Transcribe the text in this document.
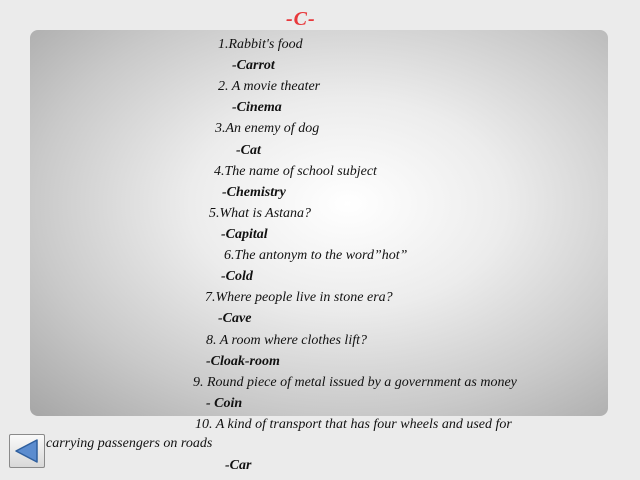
-C-
1.Rabbit's food
-Carrot
2. A movie theater
-Cinema
3.An enemy of dog
-Cat
4.The name of school subject
-Chemistry
5.What is Astana?
-Capital
6.The antonym to the word”hot”
-Cold
7.Where people live in stone era?
-Cave
8. A room where clothes lift?
-Cloak-room
9. Round piece of metal issued by a government as money
- Coin
10. A kind of transport that has four wheels and used for
carrying passengers on roads
-Car
